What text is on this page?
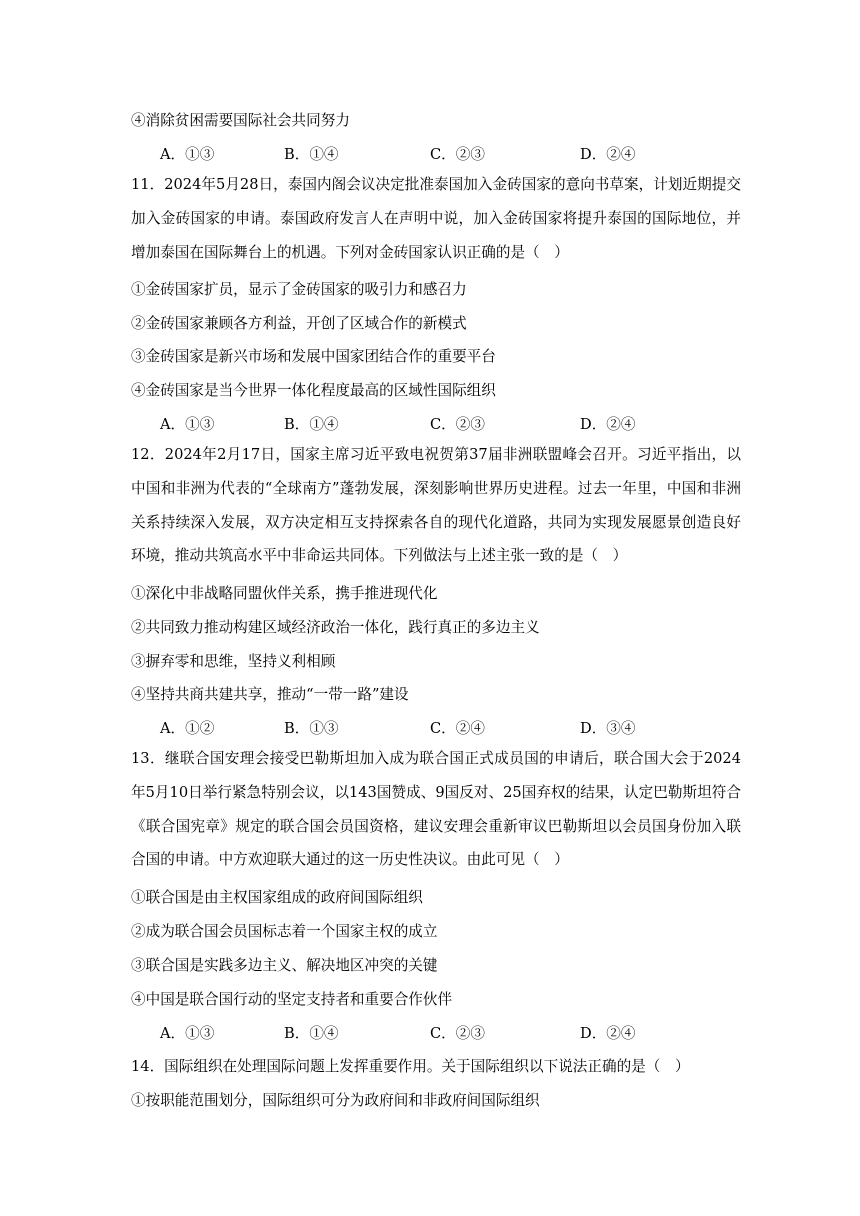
④消除贫困需要国际社会共同努力
A．①③	B．①④	C．②③	D．②④
11．2024年5月28日，泰国内阁会议决定批准泰国加入金砖国家的意向书草案，计划近期提交加入金砖国家的申请。泰国政府发言人在声明中说，加入金砖国家将提升泰国的国际地位，并增加泰国在国际舞台上的机遇。下列对金砖国家认识正确的是（　）
①金砖国家扩员，显示了金砖国家的吸引力和感召力
②金砖国家兼顾各方利益，开创了区域合作的新模式
③金砖国家是新兴市场和发展中国家团结合作的重要平台
④金砖国家是当今世界一体化程度最高的区域性国际组织
A．①③	B．①④	C．②③	D．②④
12．2024年2月17日，国家主席习近平致电祝贺第37届非洲联盟峰会召开。习近平指出，以中国和非洲为代表的“全球南方”蓬勃发展，深刻影响世界历史进程。过去一年里，中国和非洲关系持续深入发展，双方决定相互支持探索各自的现代化道路，共同为实现发展愿景创造良好环境，推动共筑高水平中非命运共同体。下列做法与上述主张一致的是（　）
①深化中非战略同盟伙伴关系，携手推进现代化
②共同致力推动构建区域经济政治一体化，践行真正的多边主义
③摒弃零和思维，坚持义利相顾
④坚持共商共建共享，推动“一带一路”建设
A．①②	B．①③	C．②④	D．③④
13．继联合国安理会接受巴勒斯坦加入成为联合国正式成员国的申请后，联合国大会于2024年5月10日举行紧急特别会议，以143国赞成、9国反对、25国弃权的结果，认定巴勒斯坦符合《联合国宪章》规定的联合国会员国资格，建议安理会重新审议巴勒斯坦以会员国身份加入联合国的申请。中方欢迎联大通过的这一历史性决议。由此可见（　）
①联合国是由主权国家组成的政府间国际组织
②成为联合国会员国标志着一个国家主权的成立
③联合国是实践多边主义、解决地区冲突的关键
④中国是联合国行动的坚定支持者和重要合作伙伴
A．①③	B．①④	C．②③	D．②④
14．国际组织在处理国际问题上发挥重要作用。关于国际组织以下说法正确的是（　）
①按职能范围划分，国际组织可分为政府间和非政府间国际组织
